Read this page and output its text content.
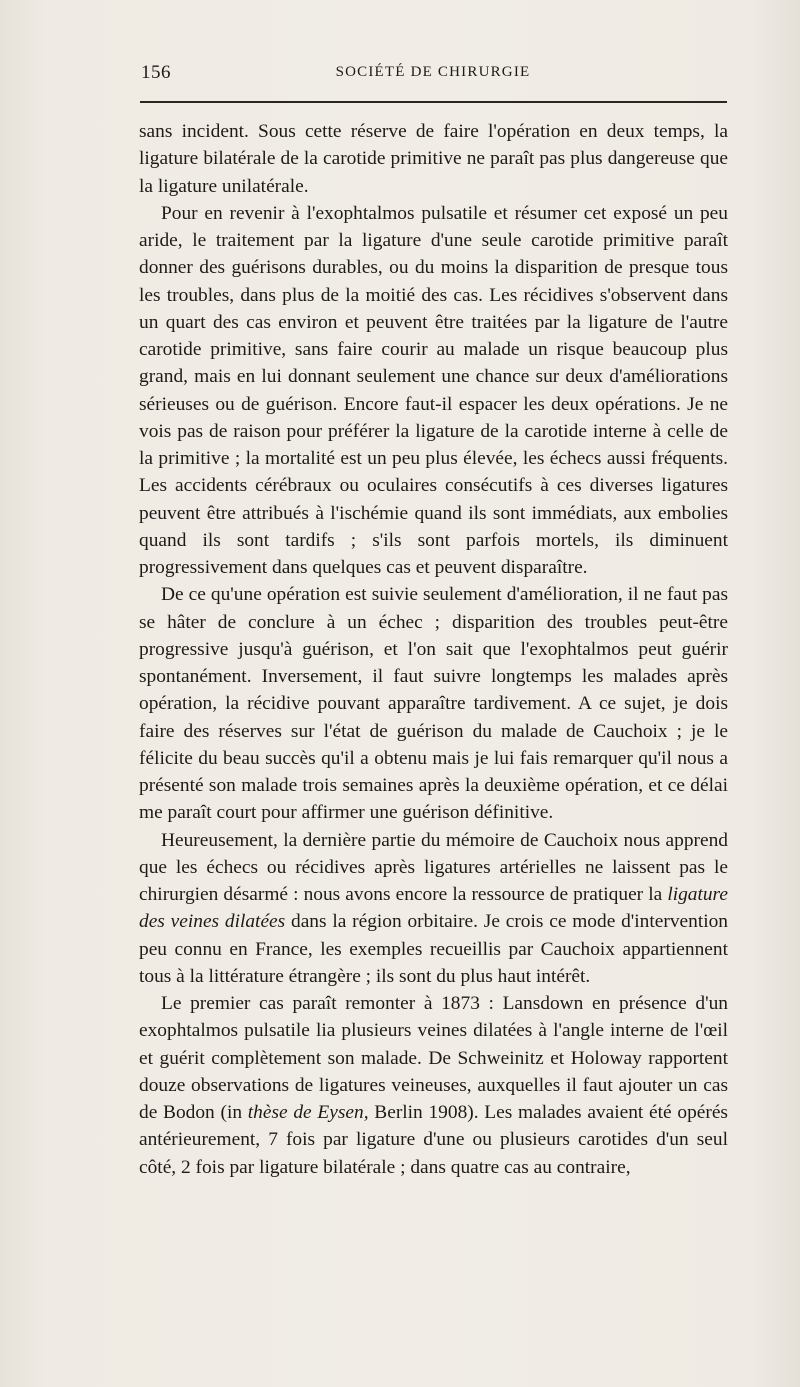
156	SOCIÉTÉ DE CHIRURGIE

sans incident. Sous cette réserve de faire l'opération en deux temps, la ligature bilatérale de la carotide primitive ne paraît pas plus dangereuse que la ligature unilatérale.

Pour en revenir à l'exophtalmos pulsatile et résumer cet exposé un peu aride, le traitement par la ligature d'une seule carotide primitive paraît donner des guérisons durables, ou du moins la disparition de presque tous les troubles, dans plus de la moitié des cas. Les récidives s'observent dans un quart des cas environ et peuvent être traitées par la ligature de l'autre carotide primitive, sans faire courir au malade un risque beaucoup plus grand, mais en lui donnant seulement une chance sur deux d'améliorations sérieuses ou de guérison. Encore faut-il espacer les deux opérations. Je ne vois pas de raison pour préférer la ligature de la carotide interne à celle de la primitive ; la mortalité est un peu plus élevée, les échecs aussi fréquents. Les accidents cérébraux ou oculaires consécutifs à ces diverses ligatures peuvent être attribués à l'ischémie quand ils sont immédiats, aux embolies quand ils sont tardifs ; s'ils sont parfois mortels, ils diminuent progressivement dans quelques cas et peuvent disparaître.

De ce qu'une opération est suivie seulement d'amélioration, il ne faut pas se hâter de conclure à un échec ; disparition des troubles peut-être progressive jusqu'à guérison, et l'on sait que l'exophtalmos peut guérir spontanément. Inversement, il faut suivre longtemps les malades après opération, la récidive pouvant apparaître tardivement. A ce sujet, je dois faire des réserves sur l'état de guérison du malade de Cauchoix ; je le félicite du beau succès qu'il a obtenu mais je lui fais remarquer qu'il nous a présenté son malade trois semaines après la deuxième opération, et ce délai me paraît court pour affirmer une guérison définitive.

Heureusement, la dernière partie du mémoire de Cauchoix nous apprend que les échecs ou récidives après ligatures artérielles ne laissent pas le chirurgien désarmé : nous avons encore la ressource de pratiquer la ligature des veines dilatées dans la région orbitaire. Je crois ce mode d'intervention peu connu en France, les exemples recueillis par Cauchoix appartiennent tous à la littérature étrangère ; ils sont du plus haut intérêt.

Le premier cas paraît remonter à 1873 : Lansdown en présence d'un exophtalmos pulsatile lia plusieurs veines dilatées à l'angle interne de l'œil et guérit complètement son malade. De Schweinitz et Holoway rapportent douze observations de ligatures veineuses, auxquelles il faut ajouter un cas de Bodon (in thèse de Eysen, Berlin 1908). Les malades avaient été opérés antérieurement, 7 fois par ligature d'une ou plusieurs carotides d'un seul côté, 2 fois par ligature bilatérale ; dans quatre cas au contraire,
